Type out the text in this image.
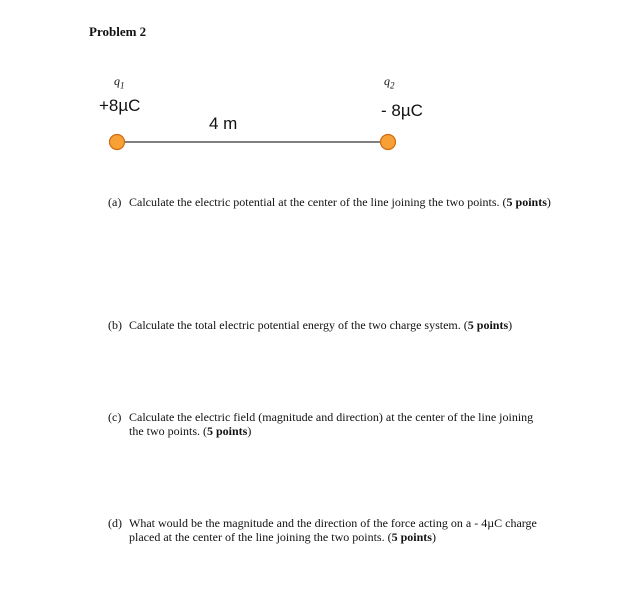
Problem 2
$q_1$	$q_2$
+8µC	- 8µC
4 m
(a) Calculate the electric potential at the center of the line joining the two points. (5 points)
(b) Calculate the total electric potential energy of the two charge system. (5 points)
(c) Calculate the electric field (magnitude and direction) at the center of the line joining the two points. (5 points)
(d) What would be the magnitude and the direction of the force acting on a - 4µC charge placed at the center of the line joining the two points. (5 points)
